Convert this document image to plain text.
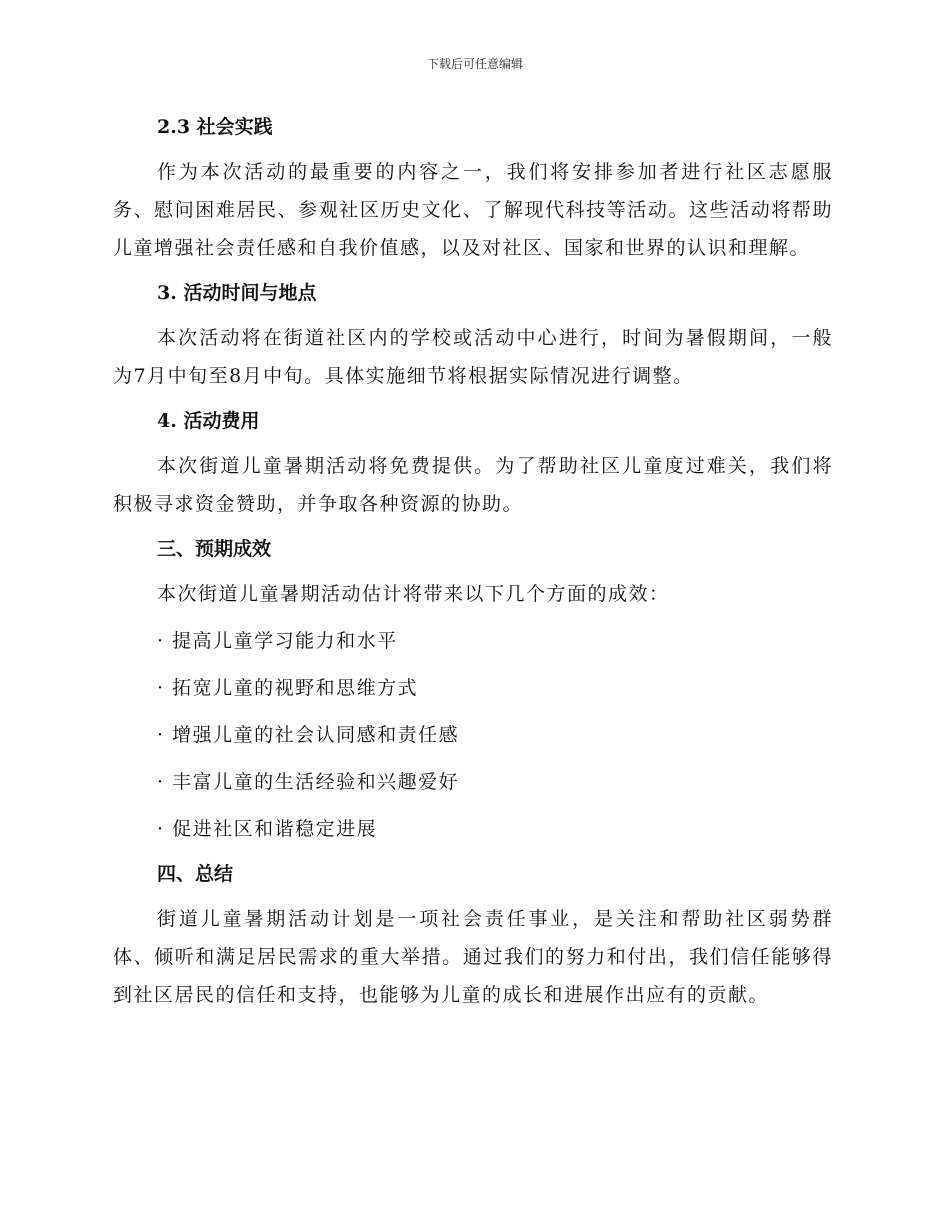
下载后可任意编辑
2.3 社会实践

作为本次活动的最重要的内容之一，我们将安排参加者进行社区志愿服务、慰问困难居民、参观社区历史文化、了解现代科技等活动。这些活动将帮助儿童增强社会责任感和自我价值感，以及对社区、国家和世界的认识和理解。

3. 活动时间与地点

本次活动将在街道社区内的学校或活动中心进行，时间为暑假期间，一般为7月中旬至8月中旬。具体实施细节将根据实际情况进行调整。

4. 活动费用

本次街道儿童暑期活动将免费提供。为了帮助社区儿童度过难关，我们将积极寻求资金赞助，并争取各种资源的协助。

三、预期成效

本次街道儿童暑期活动估计将带来以下几个方面的成效：

· 提高儿童学习能力和水平
· 拓宽儿童的视野和思维方式
· 增强儿童的社会认同感和责任感
· 丰富儿童的生活经验和兴趣爱好
· 促进社区和谐稳定进展
四、总结

街道儿童暑期活动计划是一项社会责任事业，是关注和帮助社区弱势群体、倾听和满足居民需求的重大举措。通过我们的努力和付出，我们信任能够得到社区居民的信任和支持，也能够为儿童的成长和进展作出应有的贡献。
